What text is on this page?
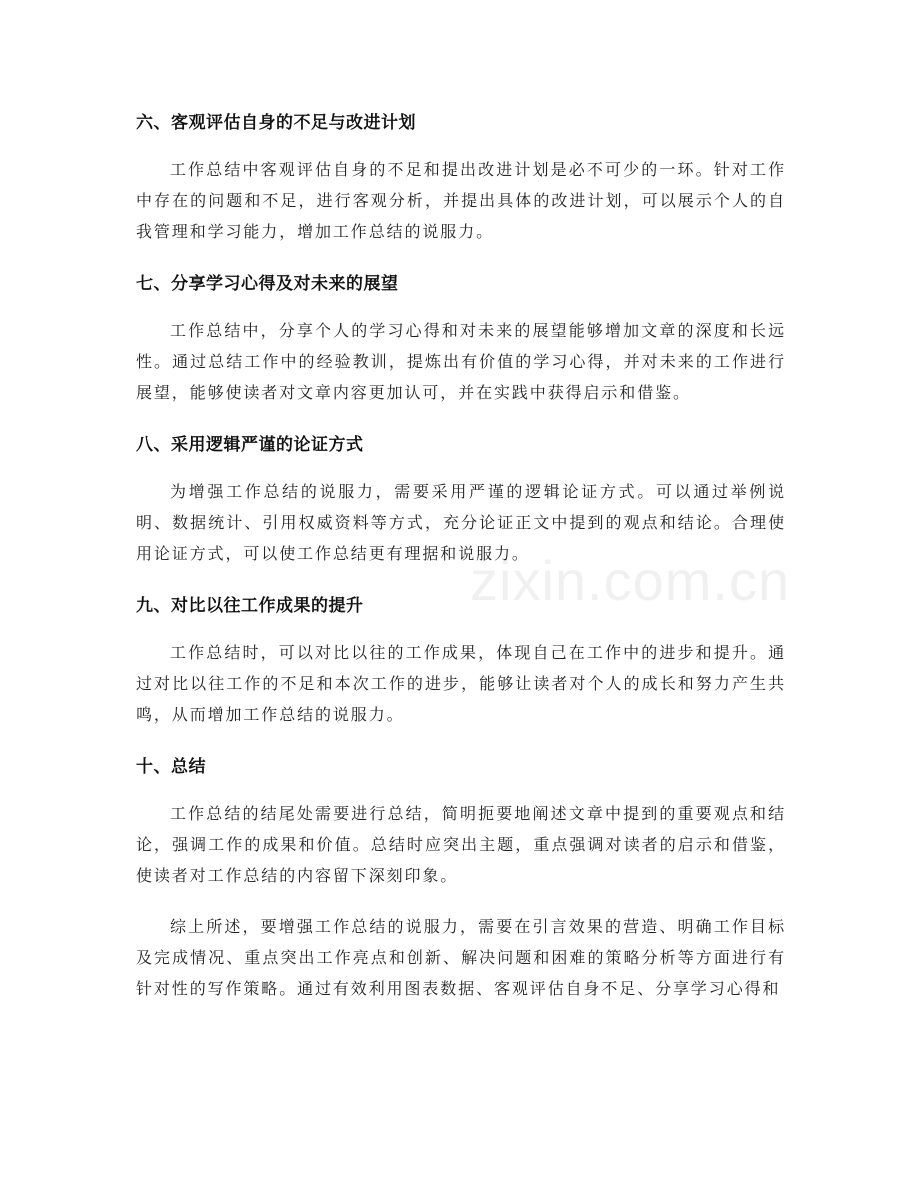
六、客观评估自身的不足与改进计划

工作总结中客观评估自身的不足和提出改进计划是必不可少的一环。针对工作中存在的问题和不足，进行客观分析，并提出具体的改进计划，可以展示个人的自我管理和学习能力，增加工作总结的说服力。

七、分享学习心得及对未来的展望

工作总结中，分享个人的学习心得和对未来的展望能够增加文章的深度和长远性。通过总结工作中的经验教训，提炼出有价值的学习心得，并对未来的工作进行展望，能够使读者对文章内容更加认可，并在实践中获得启示和借鉴。

八、采用逻辑严谨的论证方式

为增强工作总结的说服力，需要采用严谨的逻辑论证方式。可以通过举例说明、数据统计、引用权威资料等方式，充分论证正文中提到的观点和结论。合理使用论证方式，可以使工作总结更有理据和说服力。

九、对比以往工作成果的提升

工作总结时，可以对比以往的工作成果，体现自己在工作中的进步和提升。通过对比以往工作的不足和本次工作的进步，能够让读者对个人的成长和努力产生共鸣，从而增加工作总结的说服力。

十、总结

工作总结的结尾处需要进行总结，简明扼要地阐述文章中提到的重要观点和结论，强调工作的成果和价值。总结时应突出主题，重点强调对读者的启示和借鉴，使读者对工作总结的内容留下深刻印象。

综上所述，要增强工作总结的说服力，需要在引言效果的营造、明确工作目标及完成情况、重点突出工作亮点和创新、解决问题和困难的策略分析等方面进行有针对性的写作策略。通过有效利用图表数据、客观评估自身不足、分享学习心得和

zixin.com.cn
